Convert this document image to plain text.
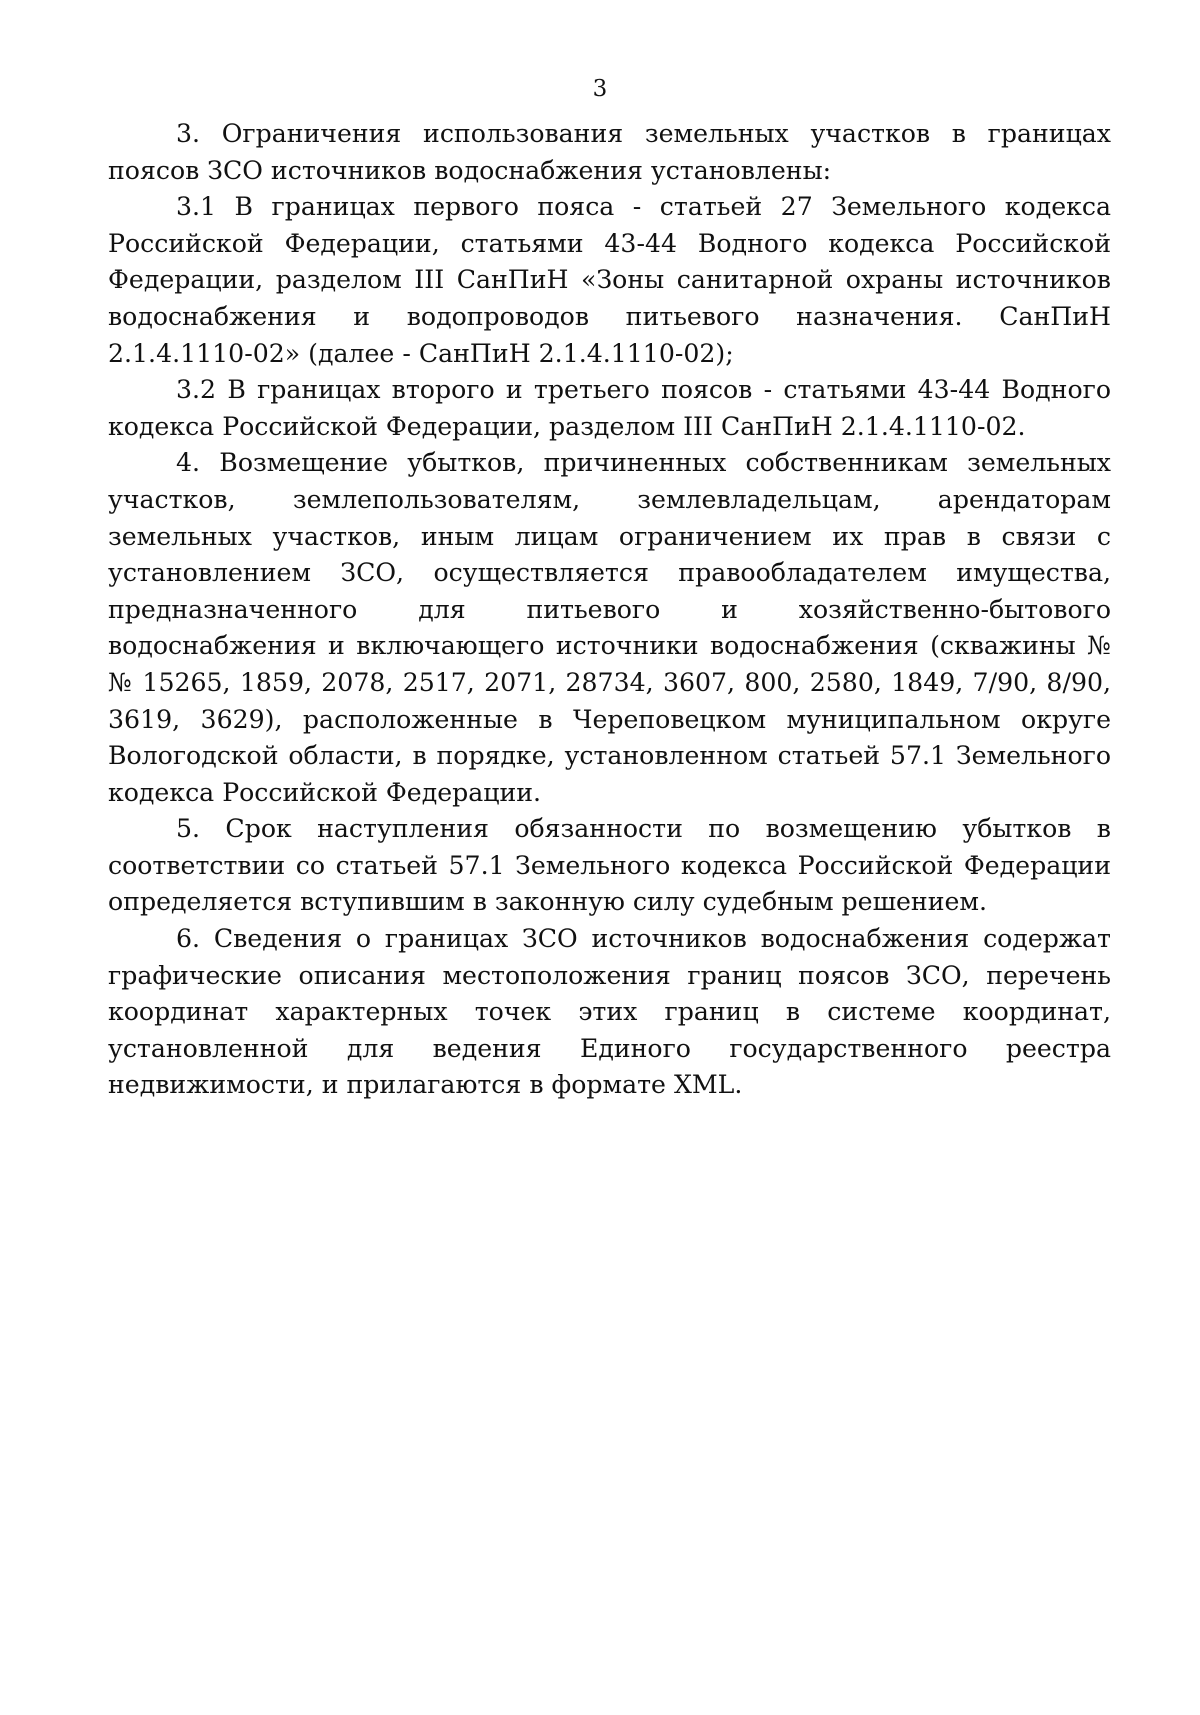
3

3. Ограничения использования земельных участков в границах поясов ЗСО источников водоснабжения установлены:

3.1 В границах первого пояса - статьей 27 Земельного кодекса Российской Федерации, статьями 43-44 Водного кодекса Российской Федерации, разделом III СанПиН «Зоны санитарной охраны источников водоснабжения и водопроводов питьевого назначения. СанПиН 2.1.4.1110-02» (далее - СанПиН 2.1.4.1110-02);

3.2 В границах второго и третьего поясов - статьями 43-44 Водного кодекса Российской Федерации, разделом III СанПиН 2.1.4.1110-02.

4. Возмещение убытков, причиненных собственникам земельных участков, землепользователям, землевладельцам, арендаторам земельных участков, иным лицам ограничением их прав в связи с установлением ЗСО, осуществляется правообладателем имущества, предназначенного для питьевого и хозяйственно-бытового водоснабжения и включающего источники водоснабжения (скважины №№ 15265, 1859, 2078, 2517, 2071, 28734, 3607, 800, 2580, 1849, 7/90, 8/90, 3619, 3629), расположенные в Череповецком муниципальном округе Вологодской области, в порядке, установленном статьей 57.1 Земельного кодекса Российской Федерации.

5. Срок наступления обязанности по возмещению убытков в соответствии со статьей 57.1 Земельного кодекса Российской Федерации определяется вступившим в законную силу судебным решением.

6. Сведения о границах ЗСО источников водоснабжения содержат графические описания местоположения границ поясов ЗСО, перечень координат характерных точек этих границ в системе координат, установленной для ведения Единого государственного реестра недвижимости, и прилагаются в формате XML.
